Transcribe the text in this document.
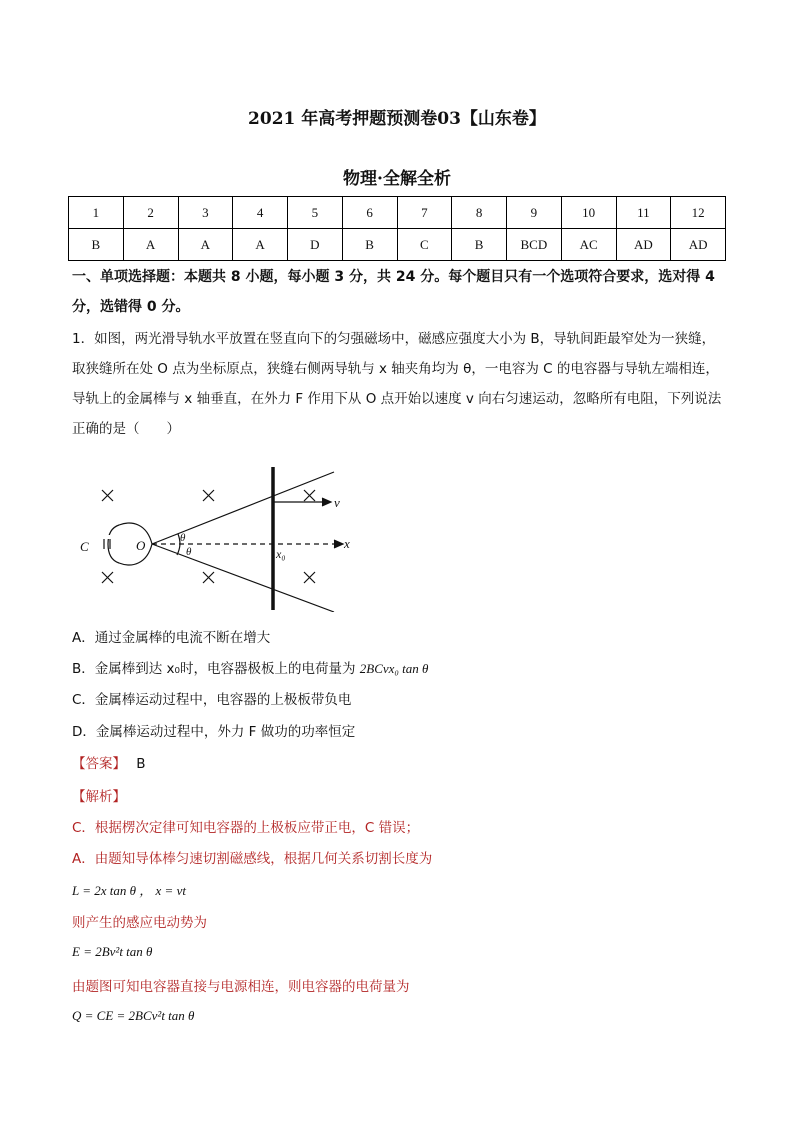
2021 年高考押题预测卷03【山东卷】
物理·全解全析
1	2	3	4	5	6	7	8	9	10	11	12
B	A	A	A	D	B	C	B	BCD	AC	AD	AD
一、单项选择题：本题共 8 小题，每小题 3 分，共 24 分。每个题目只有一个选项符合要求，选对得 4 分，选错得 0 分。
1．如图，两光滑导轨水平放置在竖直向下的匀强磁场中，磁感应强度大小为 B，导轨间距最窄处为一狭缝，取狭缝所在处 O 点为坐标原点，狭缝右侧两导轨与 x 轴夹角均为 θ，一电容为 C 的电容器与导轨左端相连，导轨上的金属棒与 x 轴垂直，在外力 F 作用下从 O 点开始以速度 v 向右匀速运动，忽略所有电阻，下列说法正确的是（　　）
C	O	θ
θ
v
x
x₀
A．通过金属棒的电流不断在增大
B．金属棒到达 x₀时，电容器极板上的电荷量为 2BCvx₀ tan θ
C．金属棒运动过程中，电容器的上极板带负电
D．金属棒运动过程中，外力 F 做功的功率恒定
【答案】 B
【解析】
C．根据楞次定律可知电容器的上极板应带正电，C 错误；
A．由题知导体棒匀速切割磁感线，根据几何关系切割长度为
L = 2x tan θ ， x = vt
则产生的感应电动势为
E = 2Bv²t tan θ
由题图可知电容器直接与电源相连，则电容器的电荷量为
Q = CE = 2BCv²t tan θ
